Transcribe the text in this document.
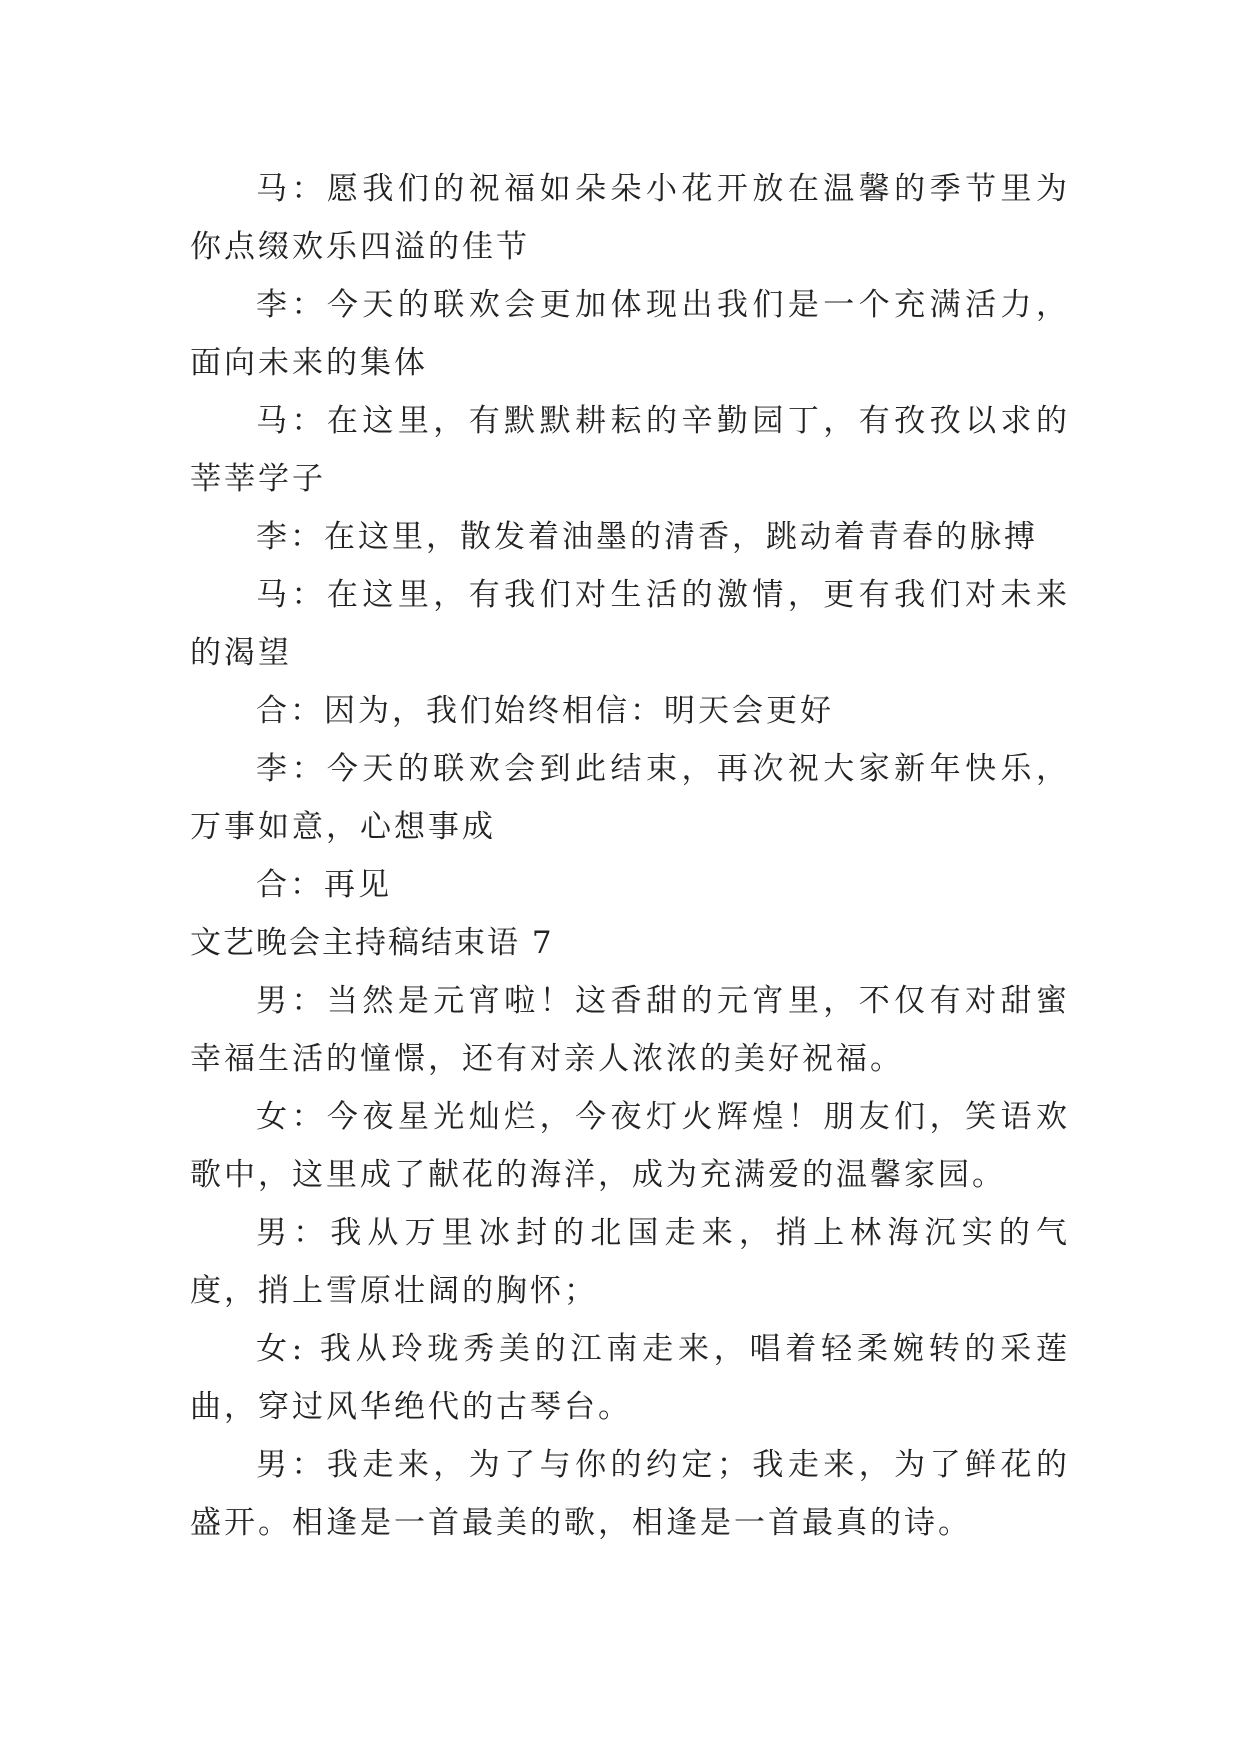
马：愿我们的祝福如朵朵小花开放在温馨的季节里为你点缀欢乐四溢的佳节

李：今天的联欢会更加体现出我们是一个充满活力，面向未来的集体

马：在这里，有默默耕耘的辛勤园丁，有孜孜以求的莘莘学子

李：在这里，散发着油墨的清香，跳动着青春的脉搏

马：在这里，有我们对生活的激情，更有我们对未来的渴望

合：因为，我们始终相信：明天会更好

李：今天的联欢会到此结束，再次祝大家新年快乐，万事如意，心想事成

合：再见

文艺晚会主持稿结束语 7

男：当然是元宵啦！这香甜的元宵里，不仅有对甜蜜幸福生活的憧憬，还有对亲人浓浓的美好祝福。

女：今夜星光灿烂，今夜灯火辉煌！朋友们，笑语欢歌中，这里成了献花的海洋，成为充满爱的温馨家园。

男：我从万里冰封的北国走来，捎上林海沉实的气度，捎上雪原壮阔的胸怀；

女: 我从玲珑秀美的江南走来，唱着轻柔婉转的采莲曲，穿过风华绝代的古琴台。

男：我走来，为了与你的约定；我走来，为了鲜花的盛开。相逢是一首最美的歌，相逢是一首最真的诗。
